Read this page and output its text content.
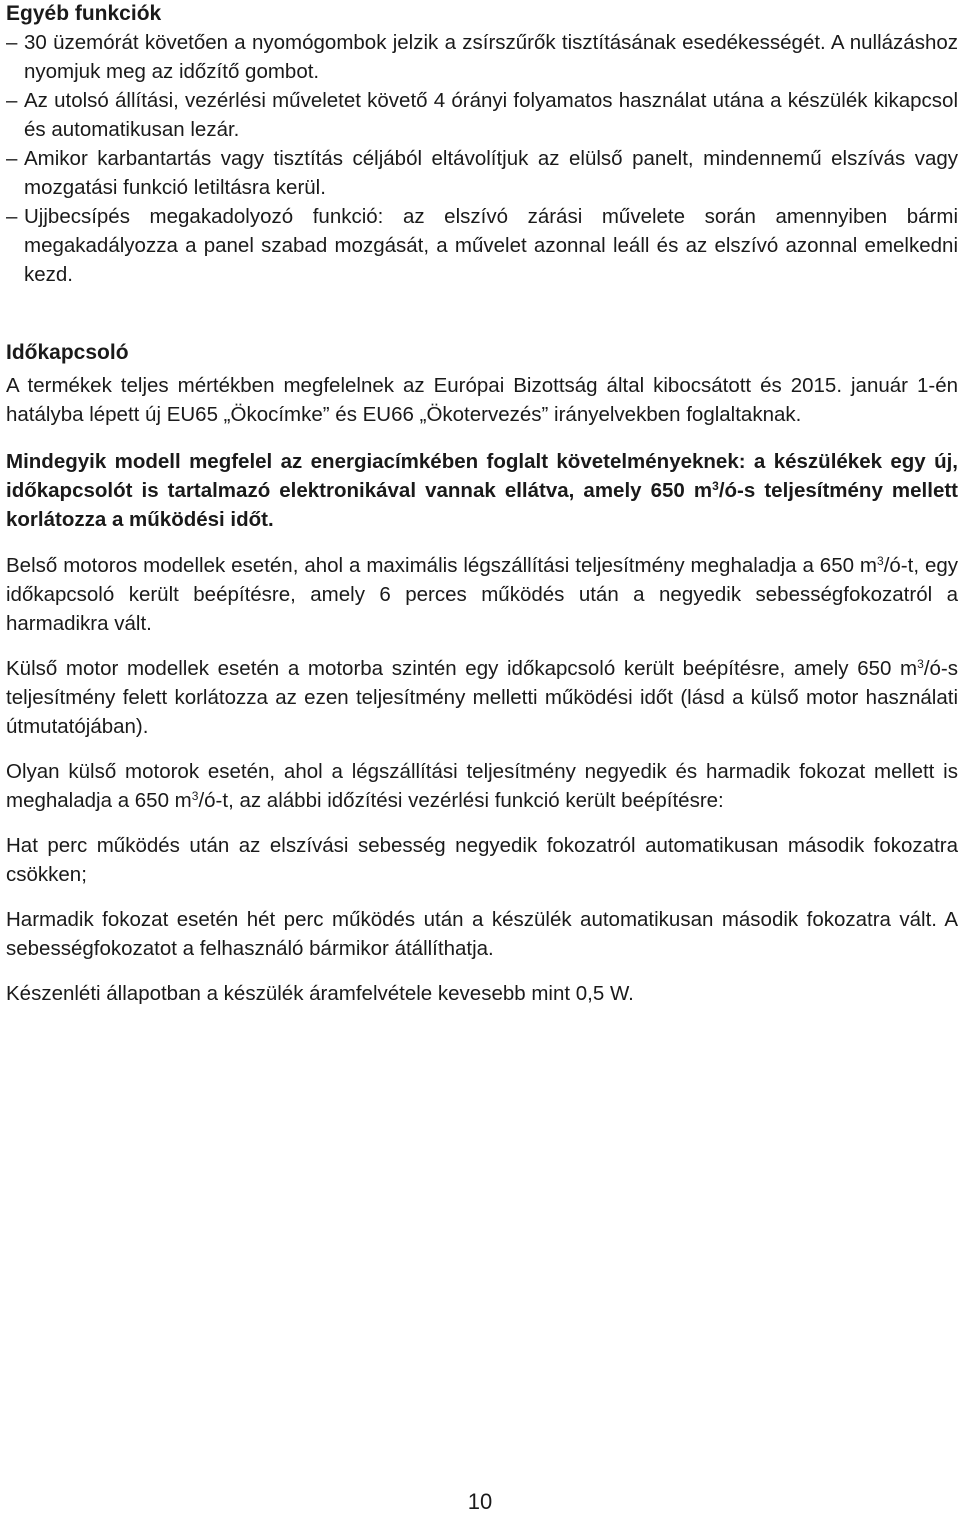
Egyéb funkciók
– 30 üzemórát követően a nyomógombok jelzik a zsírszűrők tisztításának esedékességét. A nullázáshoz nyomjuk meg az időzítő gombot.
– Az utolsó állítási, vezérlési műveletet követő 4 órányi folyamatos használat utána a készülék kikapcsol és automatikusan lezár.
– Amikor karbantartás vagy tisztítás céljából eltávolítjuk az elülső panelt, mindennemű elszívás vagy mozgatási funkció letiltásra kerül.
– Ujjbecsípés megakadolyozó funkció: az elszívó zárási művelete során amennyiben bármi megakadályozza a panel szabad mozgását, a művelet azonnal leáll és az elszívó azonnal emelkedni kezd.
Időkapcsoló

A termékek teljes mértékben megfelelnek az Európai Bizottság által kibocsátott és 2015. január 1-én hatályba lépett új EU65 „Ökocímke” és EU66 „Ökotervezés” irányelvekben foglaltaknak.

Mindegyik modell megfelel az energiacímkében foglalt követelményeknek: a készülékek egy új, időkapcsolót is tartalmazó elektronikával vannak ellátva, amely 650 $m^3/ó-s$ teljesítmény mellett korlátozza a működési időt.

Belső motoros modellek esetén, ahol a maximális légszállítási teljesítmény meghaladja a 650 $m^3/ó-t$, egy időkapcsoló került beépítésre, amely 6 perces működés után a negyedik sebességfokozatról a harmadikra vált.

Külső motor modellek esetén a motorba szintén egy időkapcsoló került beépítésre, amely 650 $m^3/ó-s$ teljesítmény felett korlátozza az ezen teljesítmény melletti működési időt (lásd a külső motor használati útmutatójában).

Olyan külső motorok esetén, ahol a légszállítási teljesítmény negyedik és harmadik fokozat mellett is meghaladja a 650 $m^3/ó-t$, az alábbi időzítési vezérlési funkció került beépítésre:

Hat perc működés után az elszívási sebesség negyedik fokozatról automatikusan második fokozatra csökken;

Harmadik fokozat esetén hét perc működés után a készülék automatikusan második fokozatra vált. A sebességfokozatot a felhasználó bármikor átállíthatja.

Készenléti állapotban a készülék áramfelvétele kevesebb mint 0,5 W.

10
